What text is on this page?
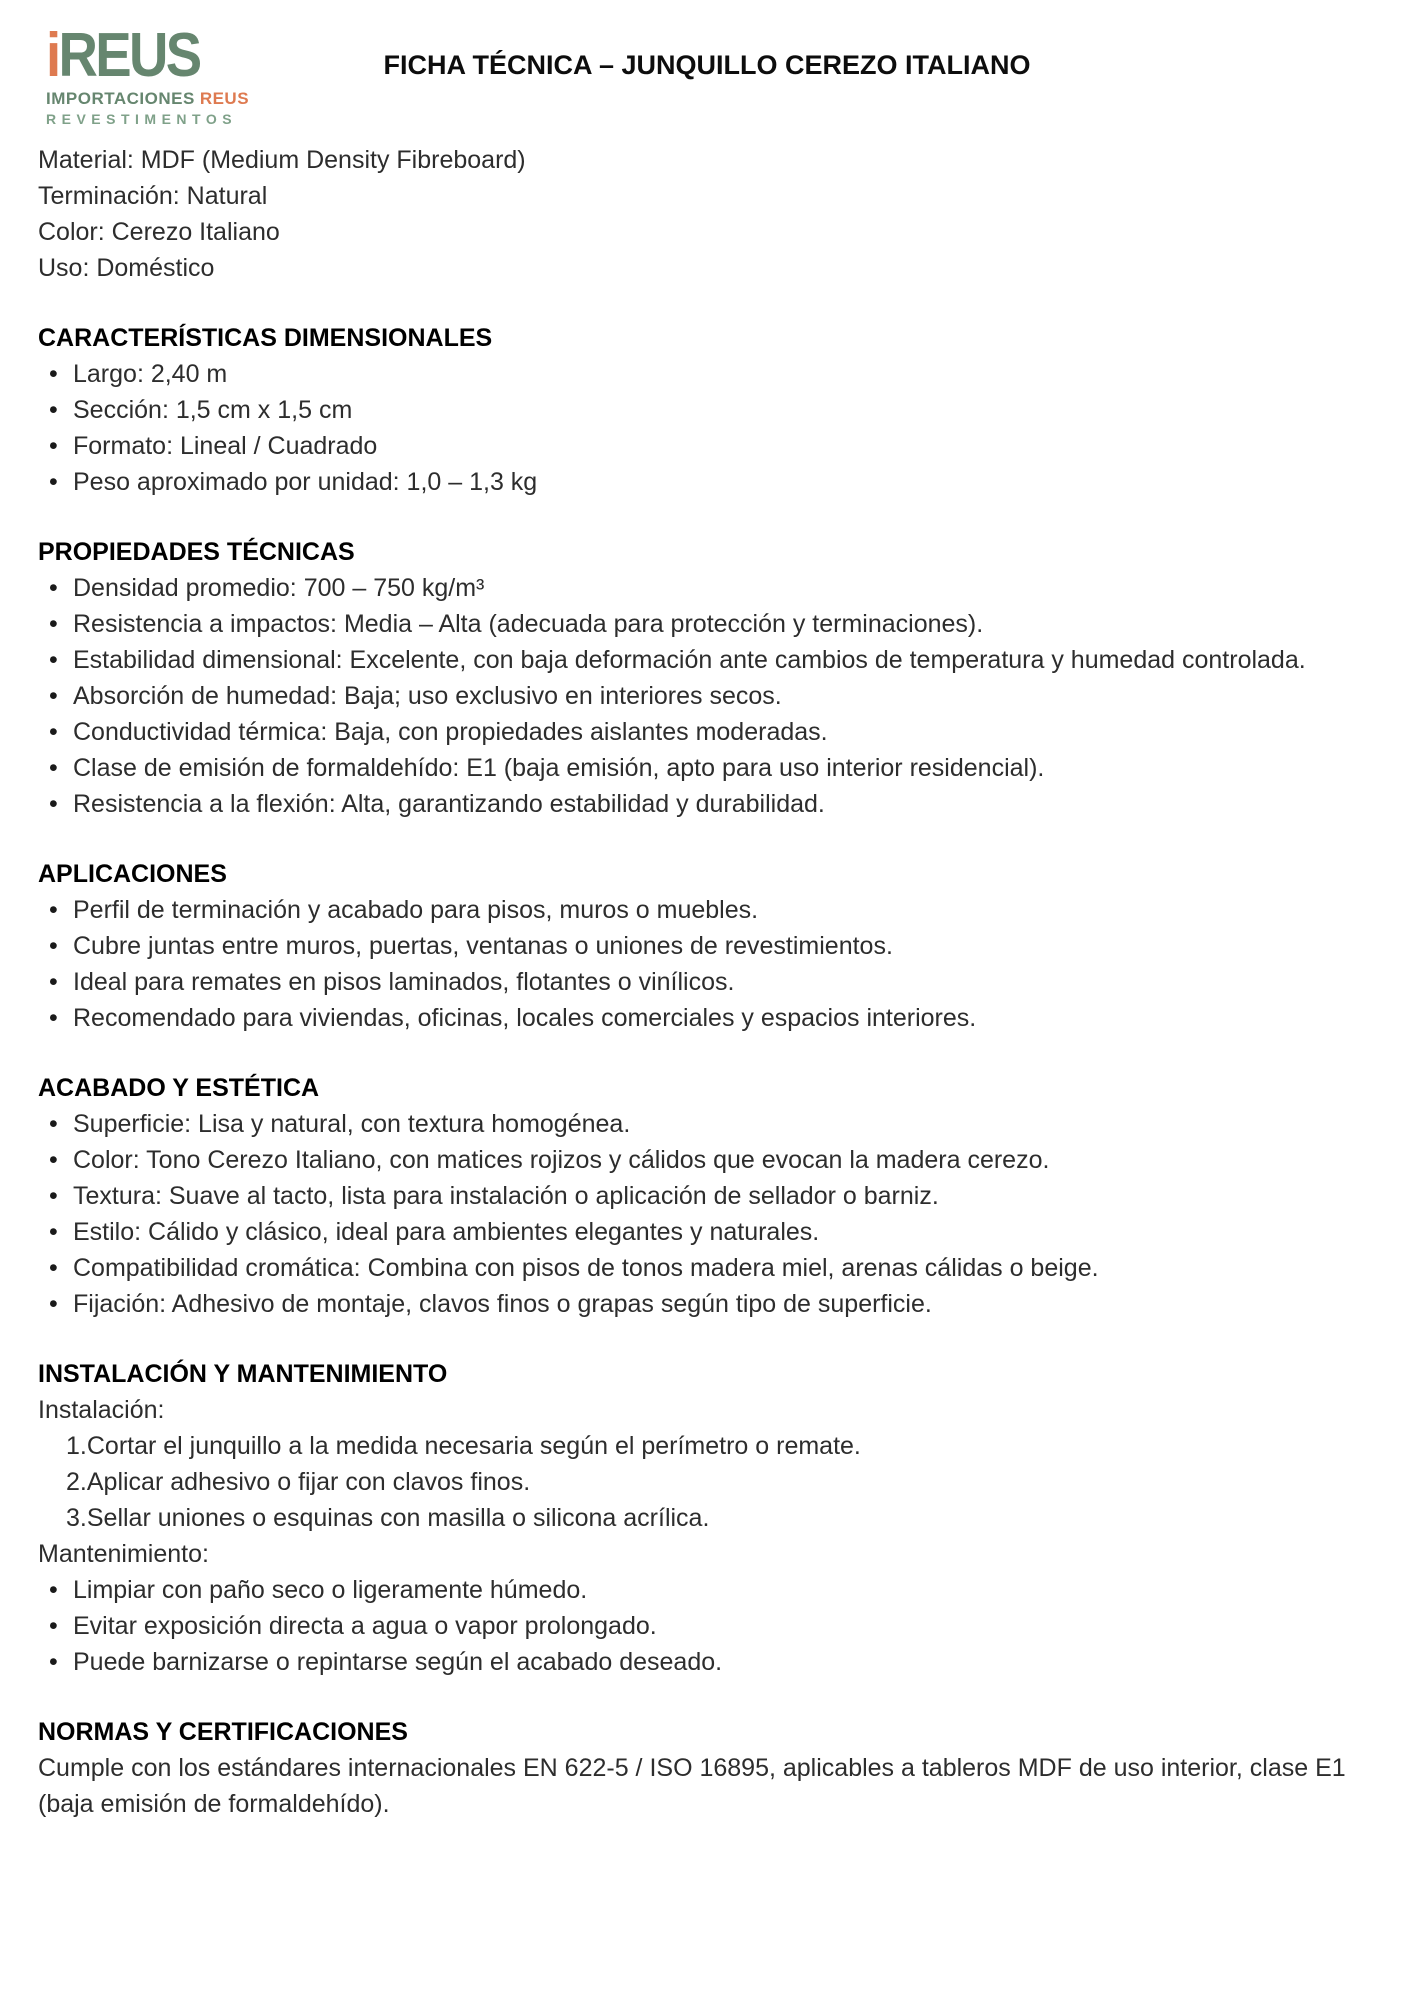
iREUS
IMPORTACIONES REUS
REVESTIMENTOS
FICHA TÉCNICA – JUNQUILLO CEREZO ITALIANO
Material: MDF (Medium Density Fibreboard)
Terminación: Natural
Color: Cerezo Italiano
Uso: Doméstico
CARACTERÍSTICAS DIMENSIONALES
• Largo: 2,40 m
• Sección: 1,5 cm x 1,5 cm
• Formato: Lineal / Cuadrado
• Peso aproximado por unidad: 1,0 – 1,3 kg
PROPIEDADES TÉCNICAS
• Densidad promedio: 700 – 750 kg/m³
• Resistencia a impactos: Media – Alta (adecuada para protección y terminaciones).
• Estabilidad dimensional: Excelente, con baja deformación ante cambios de temperatura y humedad controlada.
• Absorción de humedad: Baja; uso exclusivo en interiores secos.
• Conductividad térmica: Baja, con propiedades aislantes moderadas.
• Clase de emisión de formaldehído: E1 (baja emisión, apto para uso interior residencial).
• Resistencia a la flexión: Alta, garantizando estabilidad y durabilidad.
APLICACIONES
• Perfil de terminación y acabado para pisos, muros o muebles.
• Cubre juntas entre muros, puertas, ventanas o uniones de revestimientos.
• Ideal para remates en pisos laminados, flotantes o vinílicos.
• Recomendado para viviendas, oficinas, locales comerciales y espacios interiores.
ACABADO Y ESTÉTICA
• Superficie: Lisa y natural, con textura homogénea.
• Color: Tono Cerezo Italiano, con matices rojizos y cálidos que evocan la madera cerezo.
• Textura: Suave al tacto, lista para instalación o aplicación de sellador o barniz.
• Estilo: Cálido y clásico, ideal para ambientes elegantes y naturales.
• Compatibilidad cromática: Combina con pisos de tonos madera miel, arenas cálidas o beige.
• Fijación: Adhesivo de montaje, clavos finos o grapas según tipo de superficie.
INSTALACIÓN Y MANTENIMIENTO
Instalación:
1.Cortar el junquillo a la medida necesaria según el perímetro o remate.
2.Aplicar adhesivo o fijar con clavos finos.
3.Sellar uniones o esquinas con masilla o silicona acrílica.
Mantenimiento:
• Limpiar con paño seco o ligeramente húmedo.
• Evitar exposición directa a agua o vapor prolongado.
• Puede barnizarse o repintarse según el acabado deseado.
NORMAS Y CERTIFICACIONES
Cumple con los estándares internacionales EN 622-5 / ISO 16895, aplicables a tableros MDF de uso interior, clase E1 (baja emisión de formaldehído).
